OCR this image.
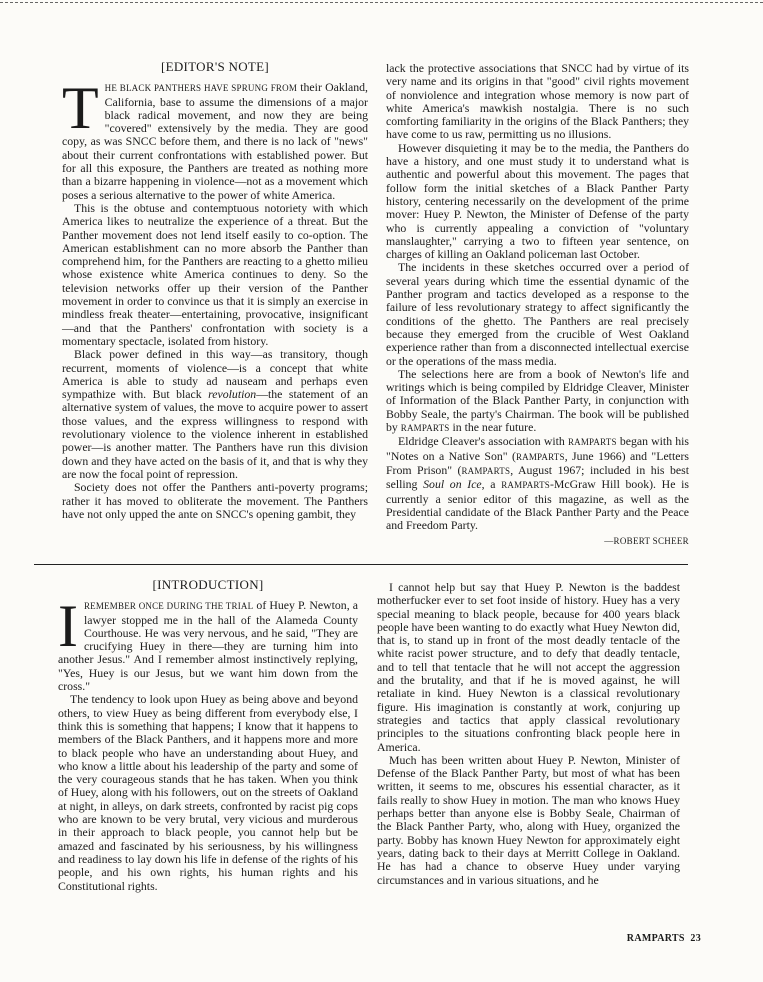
[EDITOR'S NOTE]

THE BLACK PANTHERS HAVE SPRUNG FROM their Oakland, California, base to assume the dimensions of a major black radical movement, and now they are being "covered" extensively by the media. They are good copy, as was SNCC before them, and there is no lack of "news" about their current confrontations with established power. But for all this exposure, the Panthers are treated as nothing more than a bizarre happening in violence—not as a movement which poses a serious alternative to the power of white America.

This is the obtuse and contemptuous notoriety with which America likes to neutralize the experience of a threat. But the Panther movement does not lend itself easily to co-option. The American establishment can no more absorb the Panther than comprehend him, for the Panthers are reacting to a ghetto milieu whose existence white America continues to deny. So the television networks offer up their version of the Panther movement in order to convince us that it is simply an exercise in mindless freak theater—entertaining, provocative, insignificant —and that the Panthers' confrontation with society is a momentary spectacle, isolated from history.

Black power defined in this way—as transitory, though recurrent, moments of violence—is a concept that white America is able to study ad nauseam and perhaps even sympathize with. But black revolution—the statement of an alternative system of values, the move to acquire power to assert those values, and the express willingness to respond with revolutionary violence to the violence inherent in established power—is another matter. The Panthers have run this division down and they have acted on the basis of it, and that is why they are now the focal point of repression.

Society does not offer the Panthers anti-poverty programs; rather it has moved to obliterate the movement. The Panthers have not only upped the ante on SNCC's opening gambit, they

lack the protective associations that SNCC had by virtue of its very name and its origins in that "good" civil rights movement of nonviolence and integration whose memory is now part of white America's mawkish nostalgia. There is no such comforting familiarity in the origins of the Black Panthers; they have come to us raw, permitting us no illusions.

However disquieting it may be to the media, the Panthers do have a history, and one must study it to understand what is authentic and powerful about this movement. The pages that follow form the initial sketches of a Black Panther Party history, centering necessarily on the development of the prime mover: Huey P. Newton, the Minister of Defense of the party who is currently appealing a conviction of "voluntary manslaughter," carrying a two to fifteen year sentence, on charges of killing an Oakland policeman last October.

The incidents in these sketches occurred over a period of several years during which time the essential dynamic of the Panther program and tactics developed as a response to the failure of less revolutionary strategy to affect significantly the conditions of the ghetto. The Panthers are real precisely because they emerged from the crucible of West Oakland experience rather than from a disconnected intellectual exercise or the operations of the mass media.

The selections here are from a book of Newton's life and writings which is being compiled by Eldridge Cleaver, Minister of Information of the Black Panther Party, in conjunction with Bobby Seale, the party's Chairman. The book will be published by RAMPARTS in the near future.

Eldridge Cleaver's association with RAMPARTS began with his "Notes on a Native Son" (RAMPARTS, June 1966) and "Letters From Prison" (RAMPARTS, August 1967; included in his best selling Soul on Ice, a RAMPARTS-McGraw Hill book). He is currently a senior editor of this magazine, as well as the Presidential candidate of the Black Panther Party and the Peace and Freedom Party.

—ROBERT SCHEER
[INTRODUCTION]

IREMEMBER ONCE DURING THE TRIAL of Huey P. Newton, a lawyer stopped me in the hall of the Alameda County Courthouse. He was very nervous, and he said, "They are crucifying Huey in there—they are turning him into another Jesus." And I remember almost instinctively replying, "Yes, Huey is our Jesus, but we want him down from the cross."

The tendency to look upon Huey as being above and beyond others, to view Huey as being different from everybody else, I think this is something that happens; I know that it happens to members of the Black Panthers, and it happens more and more to black people who have an understanding about Huey, and who know a little about his leadership of the party and some of the very courageous stands that he has taken. When you think of Huey, along with his followers, out on the streets of Oakland at night, in alleys, on dark streets, confronted by racist pig cops who are known to be very brutal, very vicious and murderous in their approach to black people, you cannot help but be amazed and fascinated by his seriousness, by his willingness and readiness to lay down his life in defense of the rights of his people, and his own rights, his human rights and his Constitutional rights.

I cannot help but say that Huey P. Newton is the baddest motherfucker ever to set foot inside of history. Huey has a very special meaning to black people, because for 400 years black people have been wanting to do exactly what Huey Newton did, that is, to stand up in front of the most deadly tentacle of the white racist power structure, and to defy that deadly tentacle, and to tell that tentacle that he will not accept the aggression and the brutality, and that if he is moved against, he will retaliate in kind. Huey Newton is a classical revolutionary figure. His imagination is constantly at work, conjuring up strategies and tactics that apply classical revolutionary principles to the situations confronting black people here in America.

Much has been written about Huey P. Newton, Minister of Defense of the Black Panther Party, but most of what has been written, it seems to me, obscures his essential character, as it fails really to show Huey in motion. The man who knows Huey perhaps better than anyone else is Bobby Seale, Chairman of the Black Panther Party, who, along with Huey, organized the party. Bobby has known Huey Newton for approximately eight years, dating back to their days at Merritt College in Oakland. He has had a chance to observe Huey under varying circumstances and in various situations, and he

RAMPARTS 23
